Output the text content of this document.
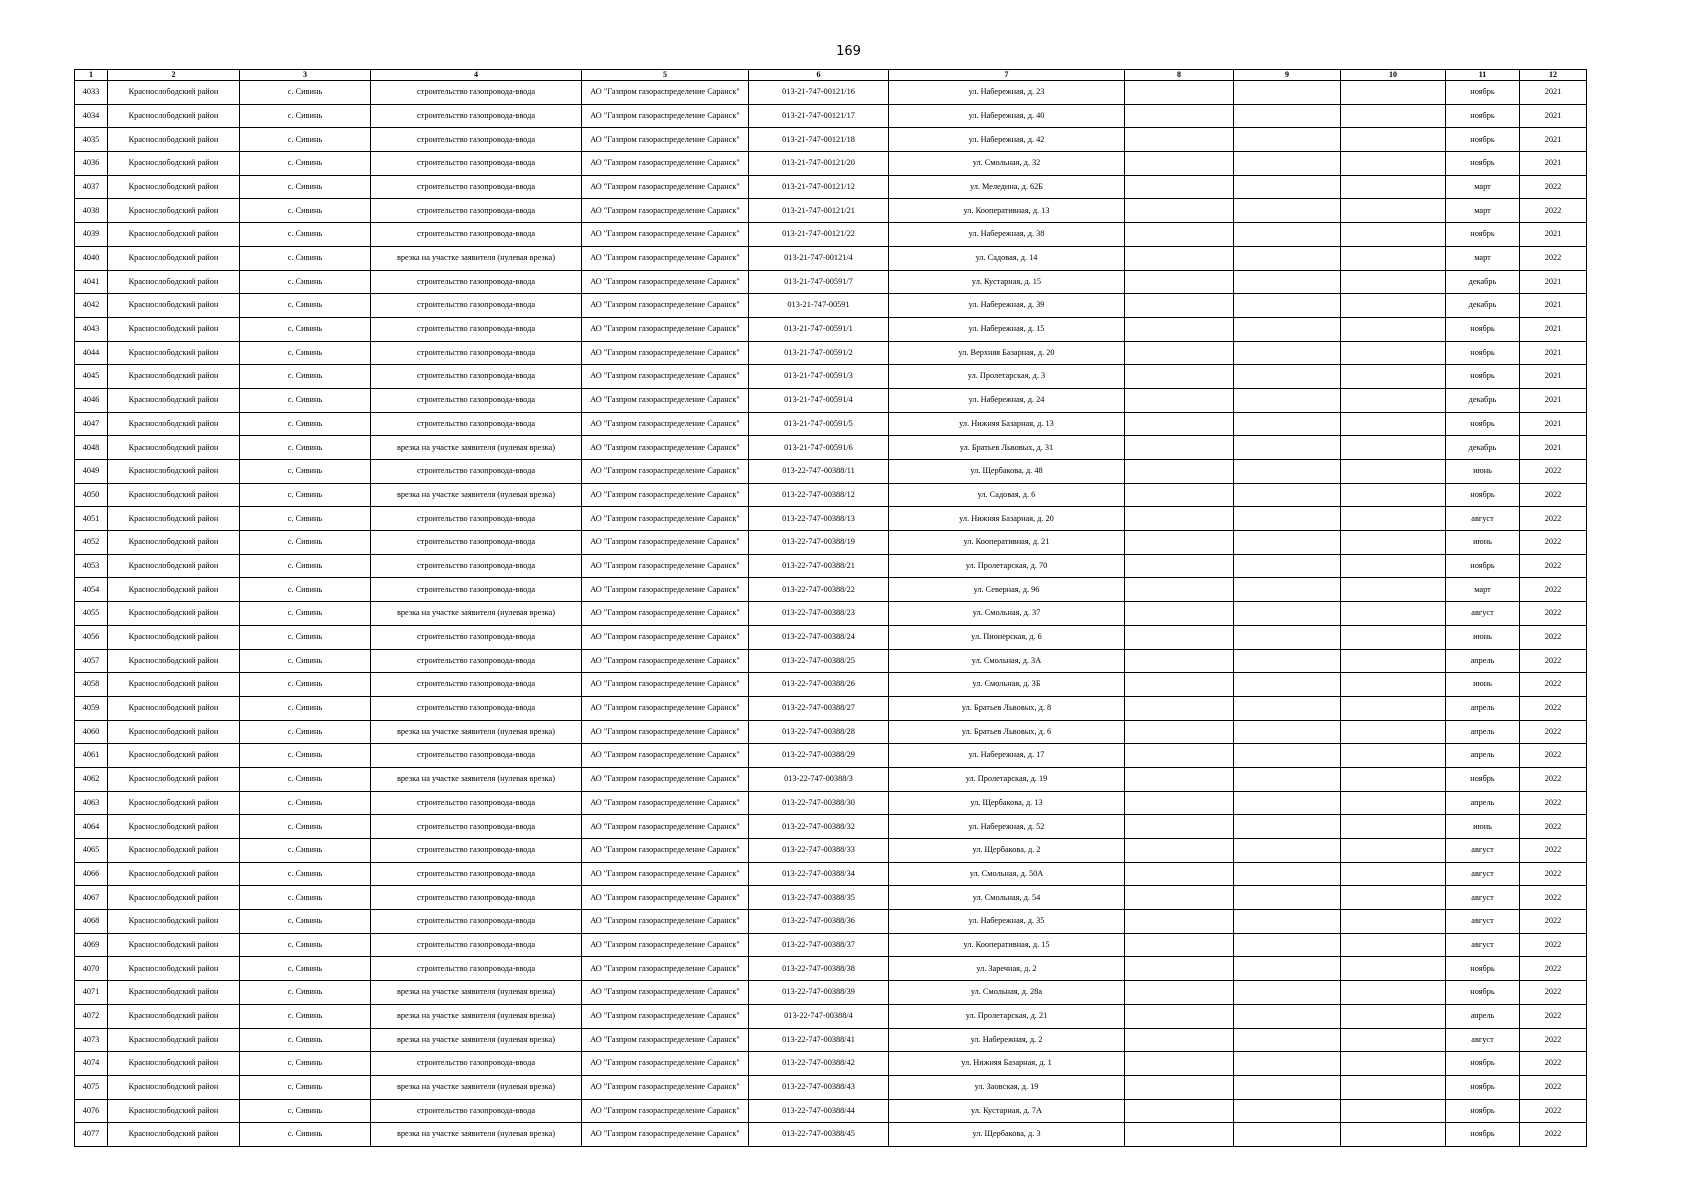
169
1	2	3	4	5	6	7	8	9	10	11	12
4033	Краснослободский район	с. Сивинь	строительство газопровода-ввода	АО "Газпром газораспределение Саранск"	013-21-747-00121/16	ул. Набережная, д. 23				ноябрь	2021
4034	Краснослободский район	с. Сивинь	строительство газопровода-ввода	АО "Газпром газораспределение Саранск"	013-21-747-00121/17	ул. Набережная, д. 40				ноябрь	2021
4035	Краснослободский район	с. Сивинь	строительство газопровода-ввода	АО "Газпром газораспределение Саранск"	013-21-747-00121/18	ул. Набережная, д. 42				ноябрь	2021
4036	Краснослободский район	с. Сивинь	строительство газопровода-ввода	АО "Газпром газораспределение Саранск"	013-21-747-00121/20	ул. Смольная, д. 32				ноябрь	2021
4037	Краснослободский район	с. Сивинь	строительство газопровода-ввода	АО "Газпром газораспределение Саранск"	013-21-747-00121/12	ул. Меледина, д. 62Б				март	2022
4038	Краснослободский район	с. Сивинь	строительство газопровода-ввода	АО "Газпром газораспределение Саранск"	013-21-747-00121/21	ул. Кооперативная, д. 13				март	2022
4039	Краснослободский район	с. Сивинь	строительство газопровода-ввода	АО "Газпром газораспределение Саранск"	013-21-747-00121/22	ул. Набережная, д. 38				ноябрь	2021
4040	Краснослободский район	с. Сивинь	врезка на участке заявителя (нулевая врезка)	АО "Газпром газораспределение Саранск"	013-21-747-00121/4	ул. Садовая, д. 14				март	2022
4041	Краснослободский район	с. Сивинь	строительство газопровода-ввода	АО "Газпром газораспределение Саранск"	013-21-747-00591/7	ул. Кустарная, д. 15				декабрь	2021
4042	Краснослободский район	с. Сивинь	строительство газопровода-ввода	АО "Газпром газораспределение Саранск"	013-21-747-00591	ул. Набережная, д. 39				декабрь	2021
4043	Краснослободский район	с. Сивинь	строительство газопровода-ввода	АО "Газпром газораспределение Саранск"	013-21-747-00591/1	ул. Набережная, д. 15				ноябрь	2021
4044	Краснослободский район	с. Сивинь	строительство газопровода-ввода	АО "Газпром газораспределение Саранск"	013-21-747-00591/2	ул. Верхняя Базарная, д. 20				ноябрь	2021
4045	Краснослободский район	с. Сивинь	строительство газопровода-ввода	АО "Газпром газораспределение Саранск"	013-21-747-00591/3	ул. Пролетарская, д. 3				ноябрь	2021
4046	Краснослободский район	с. Сивинь	строительство газопровода-ввода	АО "Газпром газораспределение Саранск"	013-21-747-00591/4	ул. Набережная, д. 24				декабрь	2021
4047	Краснослободский район	с. Сивинь	строительство газопровода-ввода	АО "Газпром газораспределение Саранск"	013-21-747-00591/5	ул. Нижняя Базарная, д. 13				ноябрь	2021
4048	Краснослободский район	с. Сивинь	врезка на участке заявителя (нулевая врезка)	АО "Газпром газораспределение Саранск"	013-21-747-00591/6	ул. Братьев Львовых, д. 31				декабрь	2021
4049	Краснослободский район	с. Сивинь	строительство газопровода-ввода	АО "Газпром газораспределение Саранск"	013-22-747-00388/11	ул. Щербакова, д. 48				июнь	2022
4050	Краснослободский район	с. Сивинь	врезка на участке заявителя (нулевая врезка)	АО "Газпром газораспределение Саранск"	013-22-747-00388/12	ул. Садовая, д. 6				ноябрь	2022
4051	Краснослободский район	с. Сивинь	строительство газопровода-ввода	АО "Газпром газораспределение Саранск"	013-22-747-00388/13	ул. Нижняя Базарная, д. 20				август	2022
4052	Краснослободский район	с. Сивинь	строительство газопровода-ввода	АО "Газпром газораспределение Саранск"	013-22-747-00388/19	ул. Кооперативная, д. 21				июнь	2022
4053	Краснослободский район	с. Сивинь	строительство газопровода-ввода	АО "Газпром газораспределение Саранск"	013-22-747-00388/21	ул. Пролетарская, д. 70				ноябрь	2022
4054	Краснослободский район	с. Сивинь	строительство газопровода-ввода	АО "Газпром газораспределение Саранск"	013-22-747-00388/22	ул. Северная, д. 96				март	2022
4055	Краснослободский район	с. Сивинь	врезка на участке заявителя (нулевая врезка)	АО "Газпром газораспределение Саранск"	013-22-747-00388/23	ул. Смольная, д. 37				август	2022
4056	Краснослободский район	с. Сивинь	строительство газопровода-ввода	АО "Газпром газораспределение Саранск"	013-22-747-00388/24	ул. Пионерская, д. 6				июнь	2022
4057	Краснослободский район	с. Сивинь	строительство газопровода-ввода	АО "Газпром газораспределение Саранск"	013-22-747-00388/25	ул. Смольная, д. 3А				апрель	2022
4058	Краснослободский район	с. Сивинь	строительство газопровода-ввода	АО "Газпром газораспределение Саранск"	013-22-747-00388/26	ул. Смольная, д. 3Б				июнь	2022
4059	Краснослободский район	с. Сивинь	строительство газопровода-ввода	АО "Газпром газораспределение Саранск"	013-22-747-00388/27	ул. Братьев Львовых, д. 8				апрель	2022
4060	Краснослободский район	с. Сивинь	врезка на участке заявителя (нулевая врезка)	АО "Газпром газораспределение Саранск"	013-22-747-00388/28	ул. Братьев Львовых, д. 6				апрель	2022
4061	Краснослободский район	с. Сивинь	строительство газопровода-ввода	АО "Газпром газораспределение Саранск"	013-22-747-00388/29	ул. Набережная, д. 17				апрель	2022
4062	Краснослободский район	с. Сивинь	врезка на участке заявителя (нулевая врезка)	АО "Газпром газораспределение Саранск"	013-22-747-00388/3	ул. Пролетарская, д. 19				ноябрь	2022
4063	Краснослободский район	с. Сивинь	строительство газопровода-ввода	АО "Газпром газораспределение Саранск"	013-22-747-00388/30	ул. Щербакова, д. 13				апрель	2022
4064	Краснослободский район	с. Сивинь	строительство газопровода-ввода	АО "Газпром газораспределение Саранск"	013-22-747-00388/32	ул. Набережная, д. 52				июнь	2022
4065	Краснослободский район	с. Сивинь	строительство газопровода-ввода	АО "Газпром газораспределение Саранск"	013-22-747-00388/33	ул. Щербакова, д. 2				август	2022
4066	Краснослободский район	с. Сивинь	строительство газопровода-ввода	АО "Газпром газораспределение Саранск"	013-22-747-00388/34	ул. Смольная, д. 50А				август	2022
4067	Краснослободский район	с. Сивинь	строительство газопровода-ввода	АО "Газпром газораспределение Саранск"	013-22-747-00388/35	ул. Смольная, д. 54				август	2022
4068	Краснослободский район	с. Сивинь	строительство газопровода-ввода	АО "Газпром газораспределение Саранск"	013-22-747-00388/36	ул. Набережная, д. 35				август	2022
4069	Краснослободский район	с. Сивинь	строительство газопровода-ввода	АО "Газпром газораспределение Саранск"	013-22-747-00388/37	ул. Кооперативная, д. 15				август	2022
4070	Краснослободский район	с. Сивинь	строительство газопровода-ввода	АО "Газпром газораспределение Саранск"	013-22-747-00388/38	ул. Заречная, д. 2				ноябрь	2022
4071	Краснослободский район	с. Сивинь	врезка на участке заявителя (нулевая врезка)	АО "Газпром газораспределение Саранск"	013-22-747-00388/39	ул. Смольная, д. 28а				ноябрь	2022
4072	Краснослободский район	с. Сивинь	врезка на участке заявителя (нулевая врезка)	АО "Газпром газораспределение Саранск"	013-22-747-00388/4	ул. Пролетарская, д. 21				апрель	2022
4073	Краснослободский район	с. Сивинь	врезка на участке заявителя (нулевая врезка)	АО "Газпром газораспределение Саранск"	013-22-747-00388/41	ул. Набережная, д. 2				август	2022
4074	Краснослободский район	с. Сивинь	строительство газопровода-ввода	АО "Газпром газораспределение Саранск"	013-22-747-00388/42	ул. Нижняя Базарная, д. 1				ноябрь	2022
4075	Краснослободский район	с. Сивинь	врезка на участке заявителя (нулевая врезка)	АО "Газпром газораспределение Саранск"	013-22-747-00388/43	ул. Заовская, д. 19				ноябрь	2022
4076	Краснослободский район	с. Сивинь	строительство газопровода-ввода	АО "Газпром газораспределение Саранск"	013-22-747-00388/44	ул. Кустарная, д. 7А				ноябрь	2022
4077	Краснослободский район	с. Сивинь	врезка на участке заявителя (нулевая врезка)	АО "Газпром газораспределение Саранск"	013-22-747-00388/45	ул. Щербакова, д. 3				ноябрь	2022
